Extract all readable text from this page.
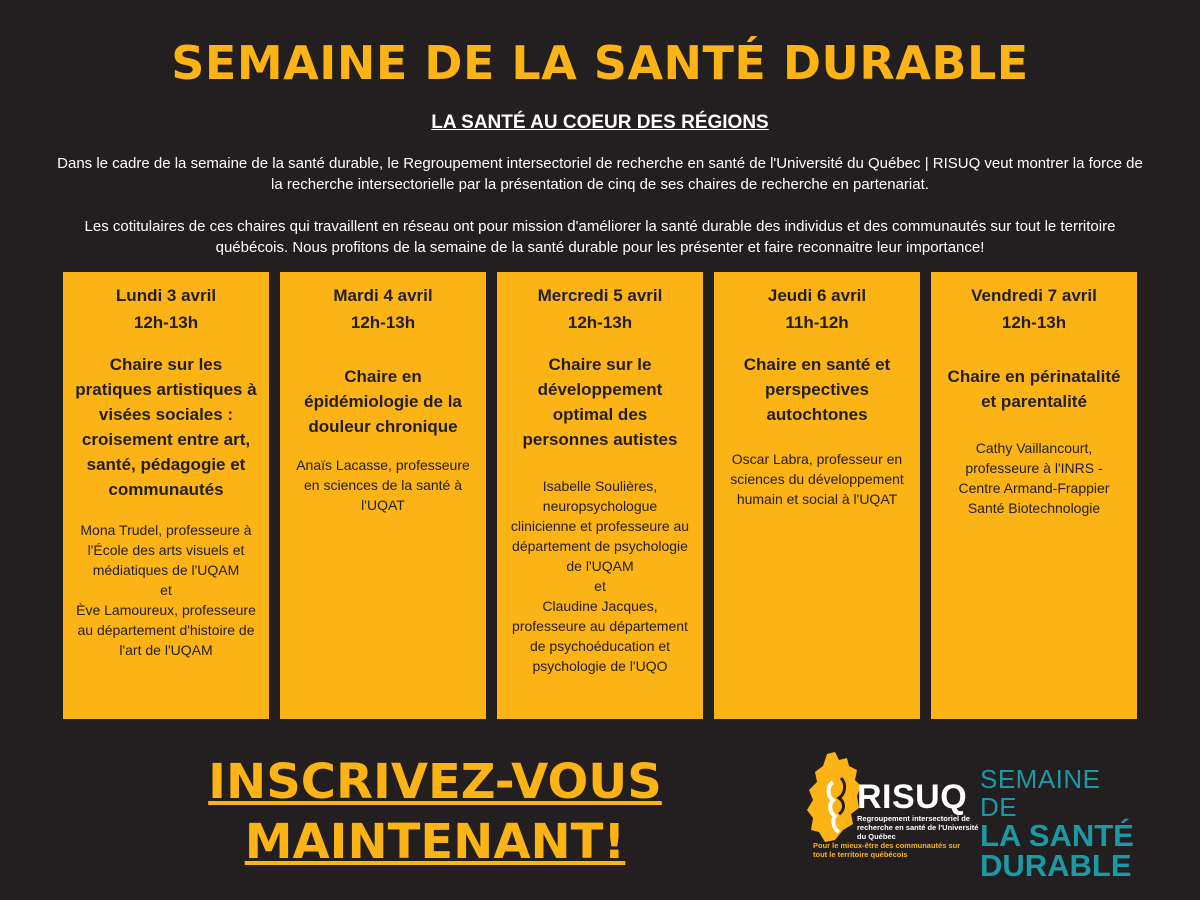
SEMAINE DE LA SANTÉ DURABLE
LA SANTÉ AU COEUR DES RÉGIONS

Dans le cadre de la semaine de la santé durable, le Regroupement intersectoriel de recherche en santé de l'Université du Québec | RISUQ veut montrer la force de la recherche intersectorielle par la présentation de cinq de ses chaires de recherche en partenariat.

Les cotitulaires de ces chaires qui travaillent en réseau ont pour mission d'améliorer la santé durable des individus et des communautés sur tout le territoire québécois. Nous profitons de la semaine de la santé durable pour les présenter et faire reconnaitre leur importance!

Lundi 3 avril
12h-13h
Chaire sur les pratiques artistiques à visées sociales : croisement entre art, santé, pédagogie et communautés
Mona Trudel, professeure à l'École des arts visuels et médiatiques de l'UQAM
et
Ève Lamoureux, professeure au département d'histoire de l'art de l'UQAM
Mardi 4 avril
12h-13h
Chaire en épidémiologie de la douleur chronique
Anaïs Lacasse, professeure en sciences de la santé à l'UQAT
Mercredi 5 avril
12h-13h
Chaire sur le développement optimal des personnes autistes
Isabelle Soulières, neuropsychologue clinicienne et professeure au département de psychologie de l'UQAM
et
Claudine Jacques, professeure au département de psychoéducation et psychologie de l'UQO
Jeudi 6 avril
11h-12h
Chaire en santé et perspectives autochtones
Oscar Labra, professeur en sciences du développement humain et social à l'UQAT
Vendredi 7 avril
12h-13h
Chaire en périnatalité et parentalité
Cathy Vaillancourt, professeure à l'INRS - Centre Armand-Frappier Santé Biotechnologie
INSCRIVEZ-VOUS
MAINTENANT!
RISUQ
Regroupement intersectoriel de recherche en santé de l'Université du Québec
Pour le mieux-être des communautés sur tout le territoire québécois
SEMAINE DE
LA SANTÉ
DURABLE
